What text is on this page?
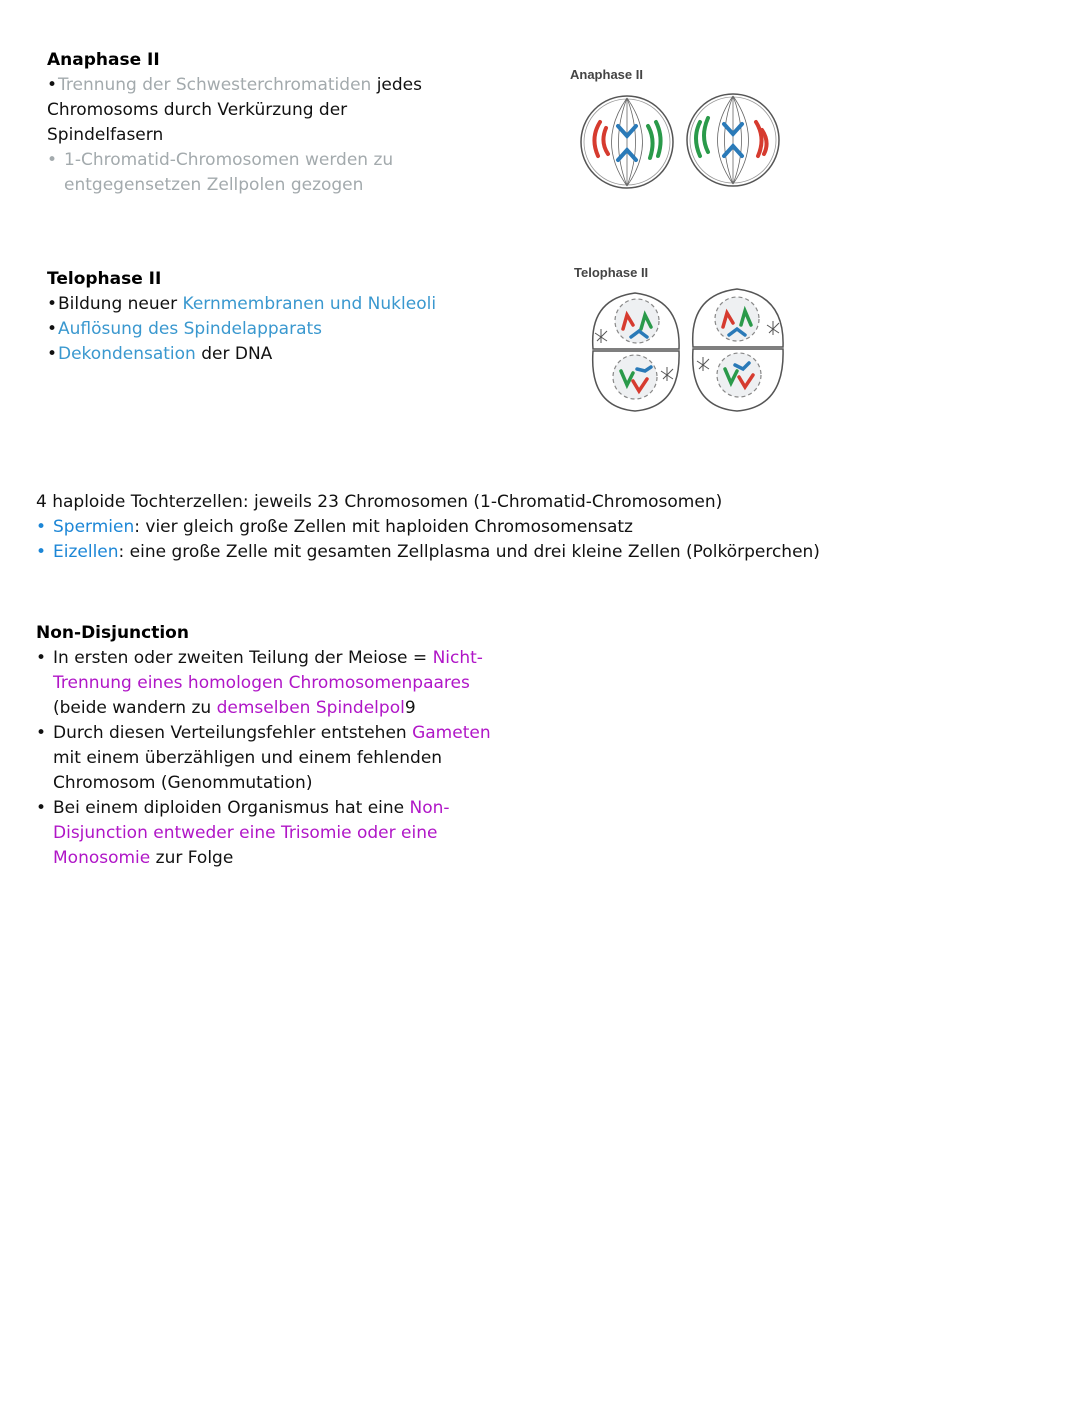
Anaphase II
•Trennung der Schwesterchromatiden jedes
Chromosoms durch Verkürzung der
Spindelfasern
• 1-Chromatid-Chromosomen werden zu
entgegensetzen Zellpolen gezogen
Anaphase II
Telophase II
•Bildung neuer Kernmembranen und Nukleoli
•Auflösung des Spindelapparats
•Dekondensation der DNA
Telophase II
4 haploide Tochterzellen: jeweils 23 Chromosomen (1-Chromatid-Chromosomen)
• Spermien: vier gleich große Zellen mit haploiden Chromosomensatz
• Eizellen: eine große Zelle mit gesamten Zellplasma und drei kleine Zellen (Polkörperchen)
Non-Disjunction
• In ersten oder zweiten Teilung der Meiose = Nicht-
Trennung eines homologen Chromosomenpaares
(beide wandern zu demselben Spindelpol9
• Durch diesen Verteilungsfehler entstehen Gameten
mit einem überzähligen und einem fehlenden
Chromosom (Genommutation)
• Bei einem diploiden Organismus hat eine Non-
Disjunction entweder eine Trisomie oder eine
Monosomie zur Folge
